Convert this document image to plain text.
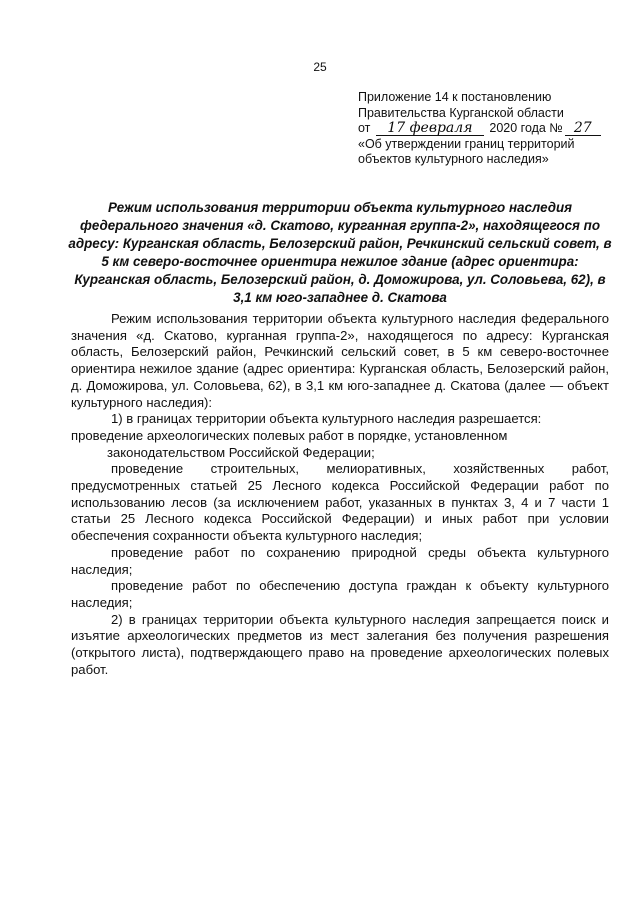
25
Приложение 14 к постановлению
Правительства Курганской области
от 17 февраля 2020 года № 27
«Об утверждении границ территорий
объектов культурного наследия»
Режим использования территории объекта культурного наследия федерального значения «д. Скатово, курганная группа-2», находящегося по адресу: Курганская область, Белозерский район, Речкинский сельский совет, в 5 км северо-восточнее ориентира нежилое здание (адрес ориентира: Курганская область, Белозерский район, д. Доможирова, ул. Соловьева, 62), в 3,1 км юго-западнее д. Скатова

Режим использования территории объекта культурного наследия федерального значения «д. Скатово, курганная группа-2», находящегося по адресу: Курганская область, Белозерский район, Речкинский сельский совет, в 5 км северо-восточнее ориентира нежилое здание (адрес ориентира: Курганская область, Белозерский район, д. Доможирова, ул. Соловьева, 62), в 3,1 км юго-западнее д. Скатова (далее — объект культурного наследия):

1) в границах территории объекта культурного наследия разрешается:

проведение археологических полевых работ в порядке, установленном

законодательством Российской Федерации;

проведение строительных, мелиоративных, хозяйственных работ, предусмотренных статьей 25 Лесного кодекса Российской Федерации работ по использованию лесов (за исключением работ, указанных в пунктах 3, 4 и 7 части 1 статьи 25 Лесного кодекса Российской Федерации) и иных работ при условии обеспечения сохранности объекта культурного наследия;

проведение работ по сохранению природной среды объекта культурного наследия;

проведение работ по обеспечению доступа граждан к объекту культурного наследия;

2) в границах территории объекта культурного наследия запрещается поиск и изъятие археологических предметов из мест залегания без получения разрешения (открытого листа), подтверждающего право на проведение археологических полевых работ.
